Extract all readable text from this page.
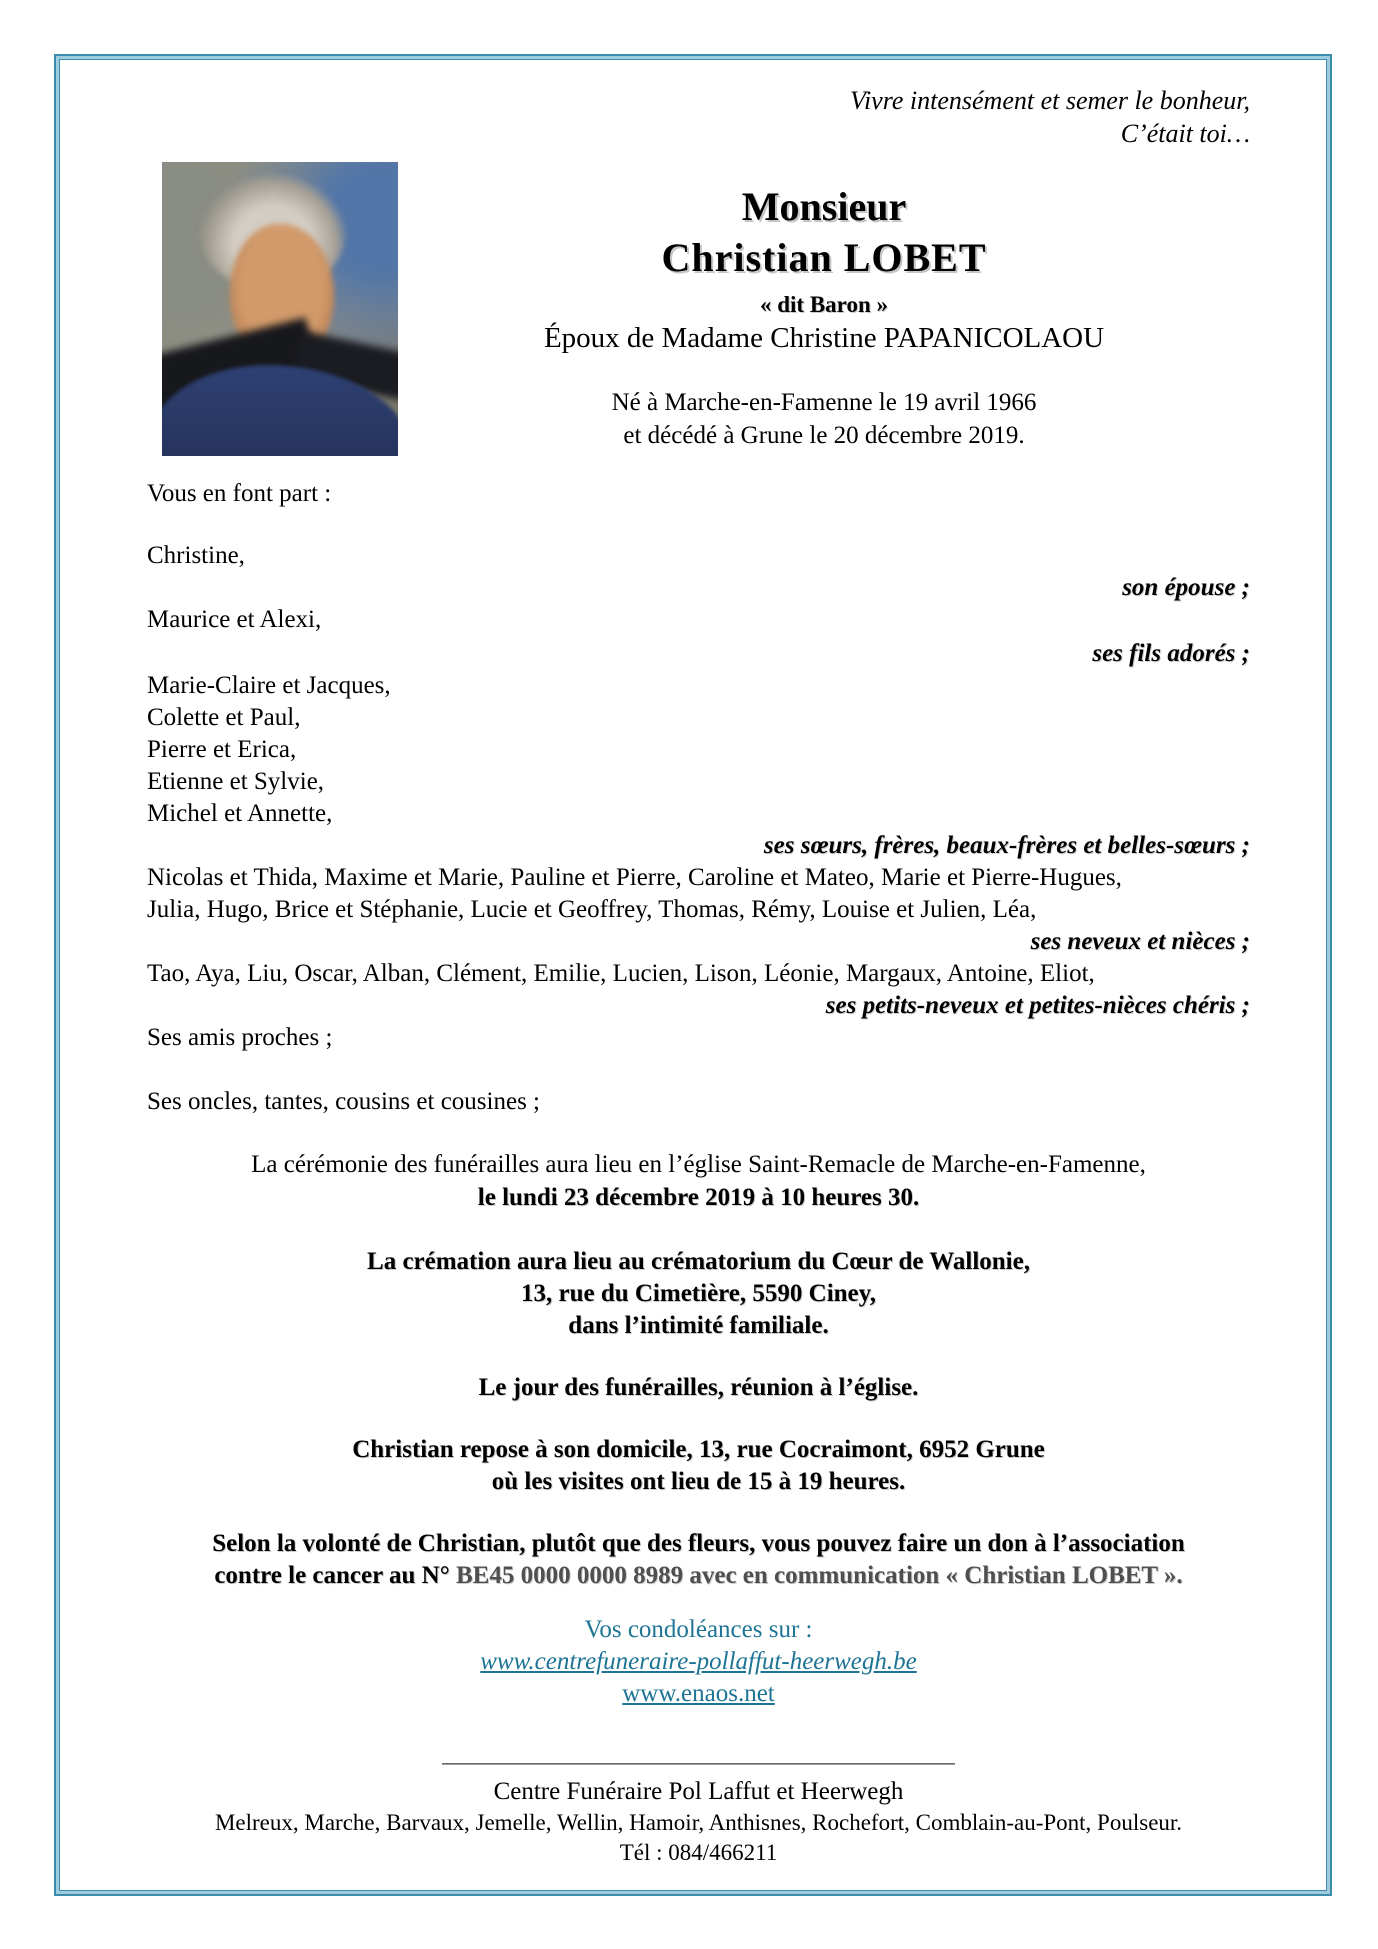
Vivre intensément et semer le bonheur,
C’était toi…
Monsieur
Christian LOBET
« dit Baron »
Époux de Madame Christine PAPANICOLAOU
Né à Marche-en-Famenne le 19 avril 1966
et décédé à Grune le 20 décembre 2019.
Vous en font part :
Christine,
son épouse ;
Maurice et Alexi,
ses fils adorés ;
Marie-Claire et Jacques,
Colette et Paul,
Pierre et Erica,
Etienne et Sylvie,
Michel et Annette,
ses sœurs, frères, beaux-frères et belles-sœurs ;
Nicolas et Thida, Maxime et Marie, Pauline et Pierre, Caroline et Mateo, Marie et Pierre-Hugues,
Julia, Hugo, Brice et Stéphanie, Lucie et Geoffrey, Thomas, Rémy, Louise et Julien, Léa,
ses neveux et nièces ;
Tao, Aya, Liu, Oscar, Alban, Clément, Emilie, Lucien, Lison, Léonie, Margaux, Antoine, Eliot,
ses petits-neveux et petites-nièces chéris ;
Ses amis proches ;
Ses oncles, tantes, cousins et cousines ;
La cérémonie des funérailles aura lieu en l’église Saint-Remacle de Marche-en-Famenne,
le lundi 23 décembre 2019 à 10 heures 30.
La crémation aura lieu au crématorium du Cœur de Wallonie,
13, rue du Cimetière, 5590 Ciney,
dans l’intimité familiale.
Le jour des funérailles, réunion à l’église.
Christian repose à son domicile, 13, rue Cocraimont, 6952 Grune
où les visites ont lieu de 15 à 19 heures.
Selon la volonté de Christian, plutôt que des fleurs, vous pouvez faire un don à l’association
contre le cancer au N° BE45 0000 0000 8989 avec en communication « Christian LOBET ».
Vos condoléances sur :
www.centrefuneraire-pollaffut-heerwegh.be
www.enaos.net
_________________________________________
Centre Funéraire Pol Laffut et Heerwegh
Melreux, Marche, Barvaux, Jemelle, Wellin, Hamoir, Anthisnes, Rochefort, Comblain-au-Pont, Poulseur.
Tél : 084/466211
